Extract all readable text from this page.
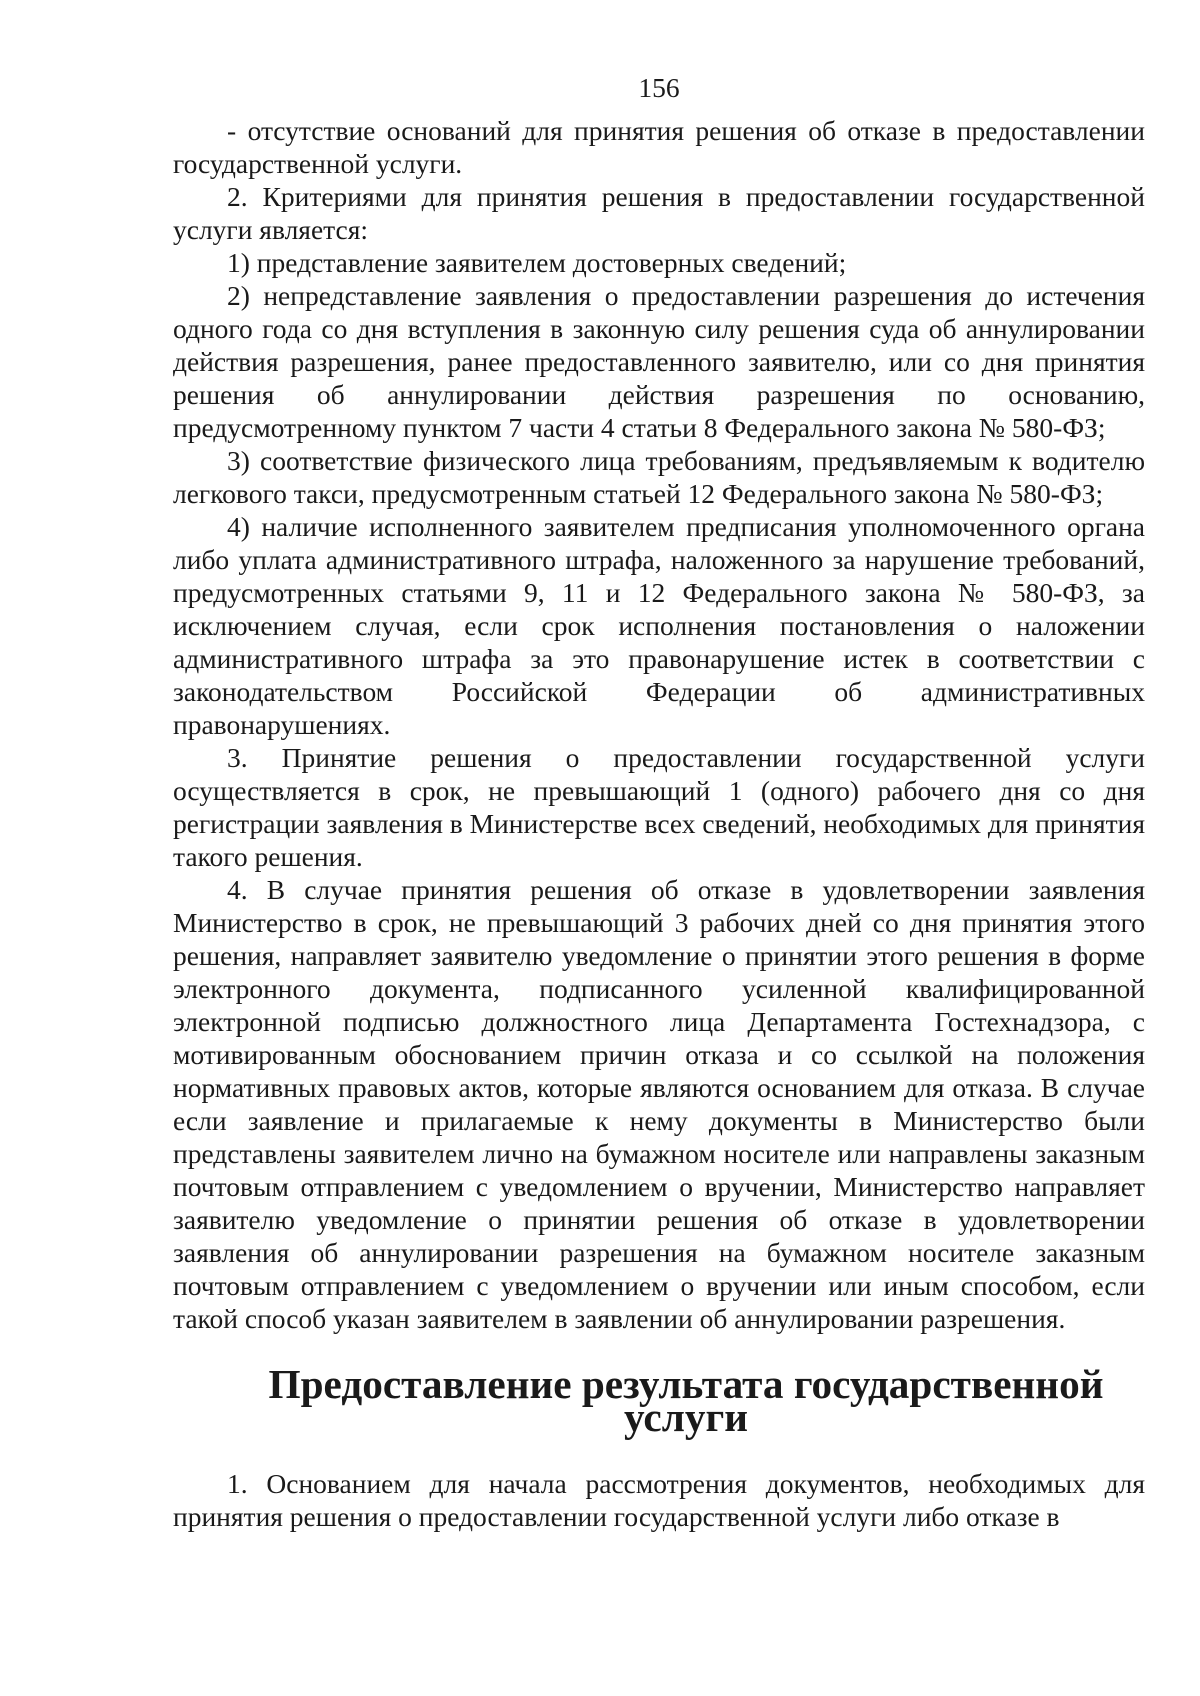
156

- отсутствие оснований для принятия решения об отказе в предоставлении государственной услуги.

2. Критериями для принятия решения в предоставлении государственной услуги является:

1) представление заявителем достоверных сведений;

2) непредставление заявления о предоставлении разрешения до истечения одного года со дня вступления в законную силу решения суда об аннулировании действия разрешения, ранее предоставленного заявителю, или со дня принятия решения об аннулировании действия разрешения по основанию, предусмотренному пунктом 7 части 4 статьи 8 Федерального закона № 580-ФЗ;

3) соответствие физического лица требованиям, предъявляемым к водителю легкового такси, предусмотренным статьей 12 Федерального закона № 580-ФЗ;

4) наличие исполненного заявителем предписания уполномоченного органа либо уплата административного штрафа, наложенного за нарушение требований, предусмотренных статьями 9, 11 и 12 Федерального закона № 580-ФЗ, за исключением случая, если срок исполнения постановления о наложении административного штрафа за это правонарушение истек в соответствии с законодательством Российской Федерации об административных правонарушениях.

3. Принятие решения о предоставлении государственной услуги осуществляется в срок, не превышающий 1 (одного) рабочего дня со дня регистрации заявления в Министерстве всех сведений, необходимых для принятия такого решения.

4. В случае принятия решения об отказе в удовлетворении заявления Министерство в срок, не превышающий 3 рабочих дней со дня принятия этого решения, направляет заявителю уведомление о принятии этого решения в форме электронного документа, подписанного усиленной квалифицированной электронной подписью должностного лица Департамента Гостехнадзора, с мотивированным обоснованием причин отказа и со ссылкой на положения нормативных правовых актов, которые являются основанием для отказа. В случае если заявление и прилагаемые к нему документы в Министерство были представлены заявителем лично на бумажном носителе или направлены заказным почтовым отправлением с уведомлением о вручении, Министерство направляет заявителю уведомление о принятии решения об отказе в удовлетворении заявления об аннулировании разрешения на бумажном носителе заказным почтовым отправлением с уведомлением о вручении или иным способом, если такой способ указан заявителем в заявлении об аннулировании разрешения.

Предоставление результата государственной услуги

1. Основанием для начала рассмотрения документов, необходимых для принятия решения о предоставлении государственной услуги либо отказе в
